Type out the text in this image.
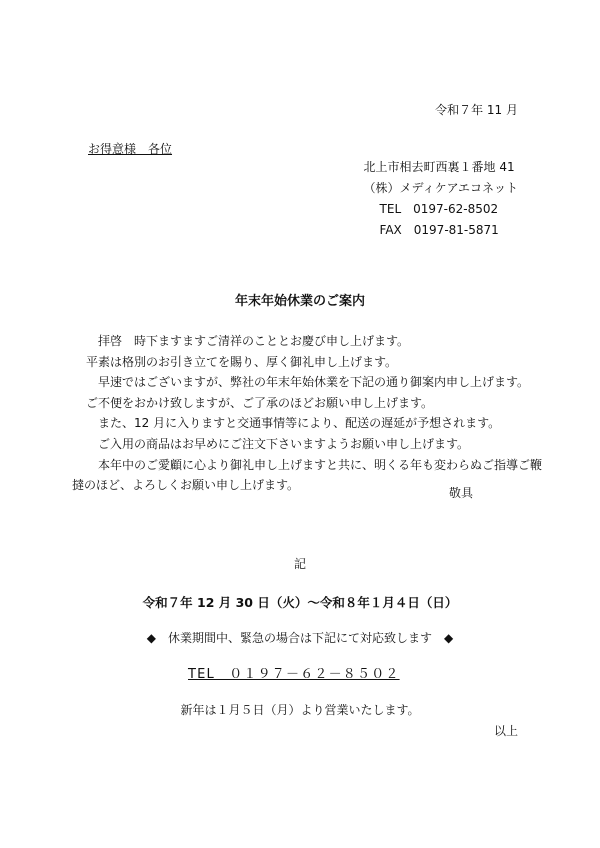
令和７年 11 月
お得意様　各位
北上市相去町西裏１番地 41
（株）メディケアエコネット
TEL　0197-62-8502
FAX　0197-81-5871
年末年始休業のご案内
　拝啓　時下ますますご清祥のこととお慶び申し上げます。
平素は格別のお引き立てを賜り、厚く御礼申し上げます。
　早速ではございますが、弊社の年末年始休業を下記の通り御案内申し上げます。
ご不便をおかけ致しますが、ご了承のほどお願い申し上げます。
　また、12 月に入りますと交通事情等により、配送の遅延が予想されます。
　ご入用の商品はお早めにご注文下さいますようお願い申し上げます。
　本年中のご愛顧に心より御礼申し上げますと共に、明くる年も変わらぬご指導ご鞭
撻のほど、よろしくお願い申し上げます。
敬具
記
令和７年 12 月 30 日（火）～令和８年１月４日（日）
◆　休業期間中、緊急の場合は下記にて対応致します　◆
TEL　０１９７－６２－８５０２
新年は１月５日（月）より営業いたします。
以上
